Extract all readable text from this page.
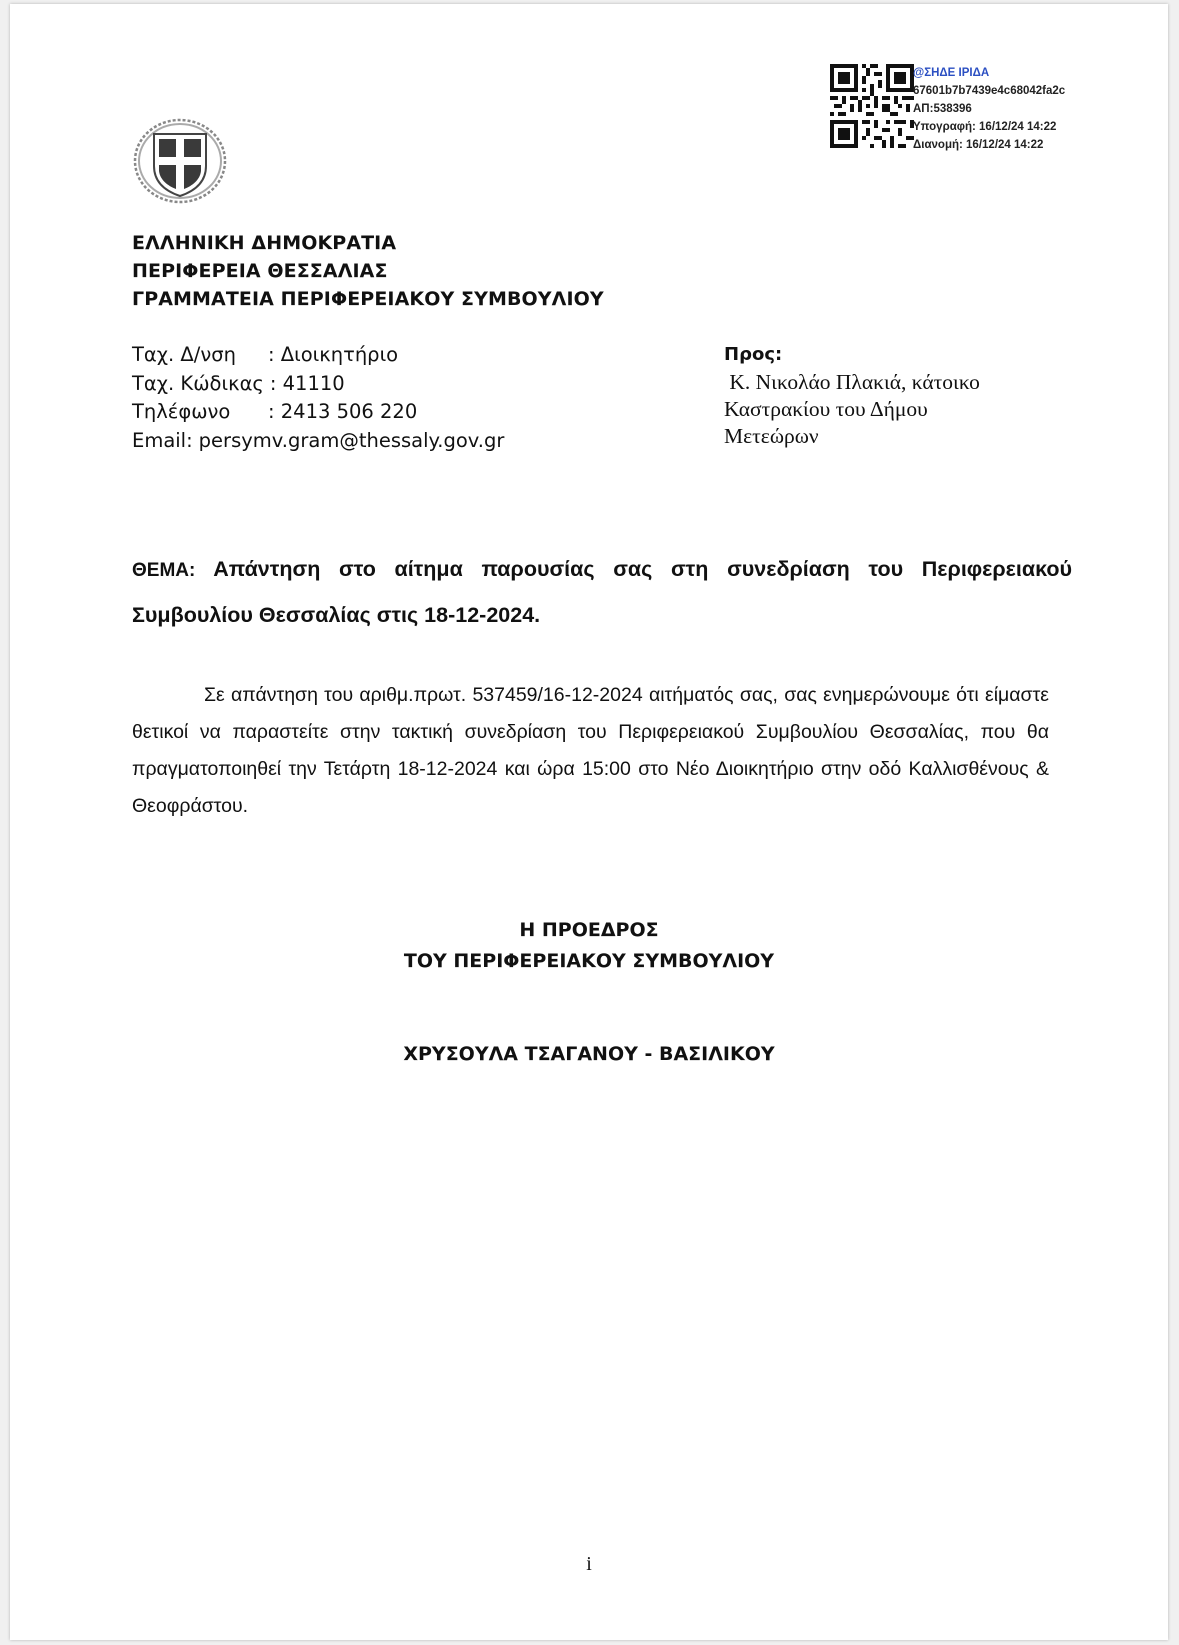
@ΣΗΔΕ ΙΡΙΔΑ
67601b7b7439e4c68042fa2c
ΑΠ:538396
Υπογραφή: 16/12/24 14:22
Διανομή: 16/12/24 14:22
ΕΛΛΗΝΙΚΗ ΔΗΜΟΚΡΑΤΙΑ
ΠΕΡΙΦΕΡΕΙΑ ΘΕΣΣΑΛΙΑΣ
ΓΡΑΜΜΑΤΕΙΑ ΠΕΡΙΦΕΡΕΙΑΚΟΥ ΣΥΜΒΟΥΛΙΟΥ
Ταχ. Δ/νση	: Διοικητήριο
Ταχ. Κώδικας : 41110
Τηλέφωνο	: 2413 506 220
Email: persymv.gram@thessaly.gov.gr
Προς:
Κ. Νικολάο Πλακιά, κάτοικο
Καστρακίου του Δήμου
Μετεώρων
ΘΕΜΑ: Απάντηση στο αίτημα παρουσίας σας στη συνεδρίαση του Περιφερειακού Συμβουλίου Θεσσαλίας στις 18-12-2024.
Σε απάντηση του αριθμ.πρωτ. 537459/16-12-2024 αιτήματός σας, σας ενημερώνουμε ότι είμαστε θετικοί να παραστείτε στην τακτική συνεδρίαση του Περιφερειακού Συμβουλίου Θεσσαλίας, που θα πραγματοποιηθεί την Τετάρτη 18-12-2024 και ώρα 15:00 στο Νέο Διοικητήριο στην οδό Καλλισθένους & Θεοφράστου.
Η ΠΡΟΕΔΡΟΣ
ΤΟΥ ΠΕΡΙΦΕΡΕΙΑΚΟΥ ΣΥΜΒΟΥΛΙΟΥ
ΧΡΥΣΟΥΛΑ ΤΣΑΓΑΝΟΥ - ΒΑΣΙΛΙΚΟΥ
i
